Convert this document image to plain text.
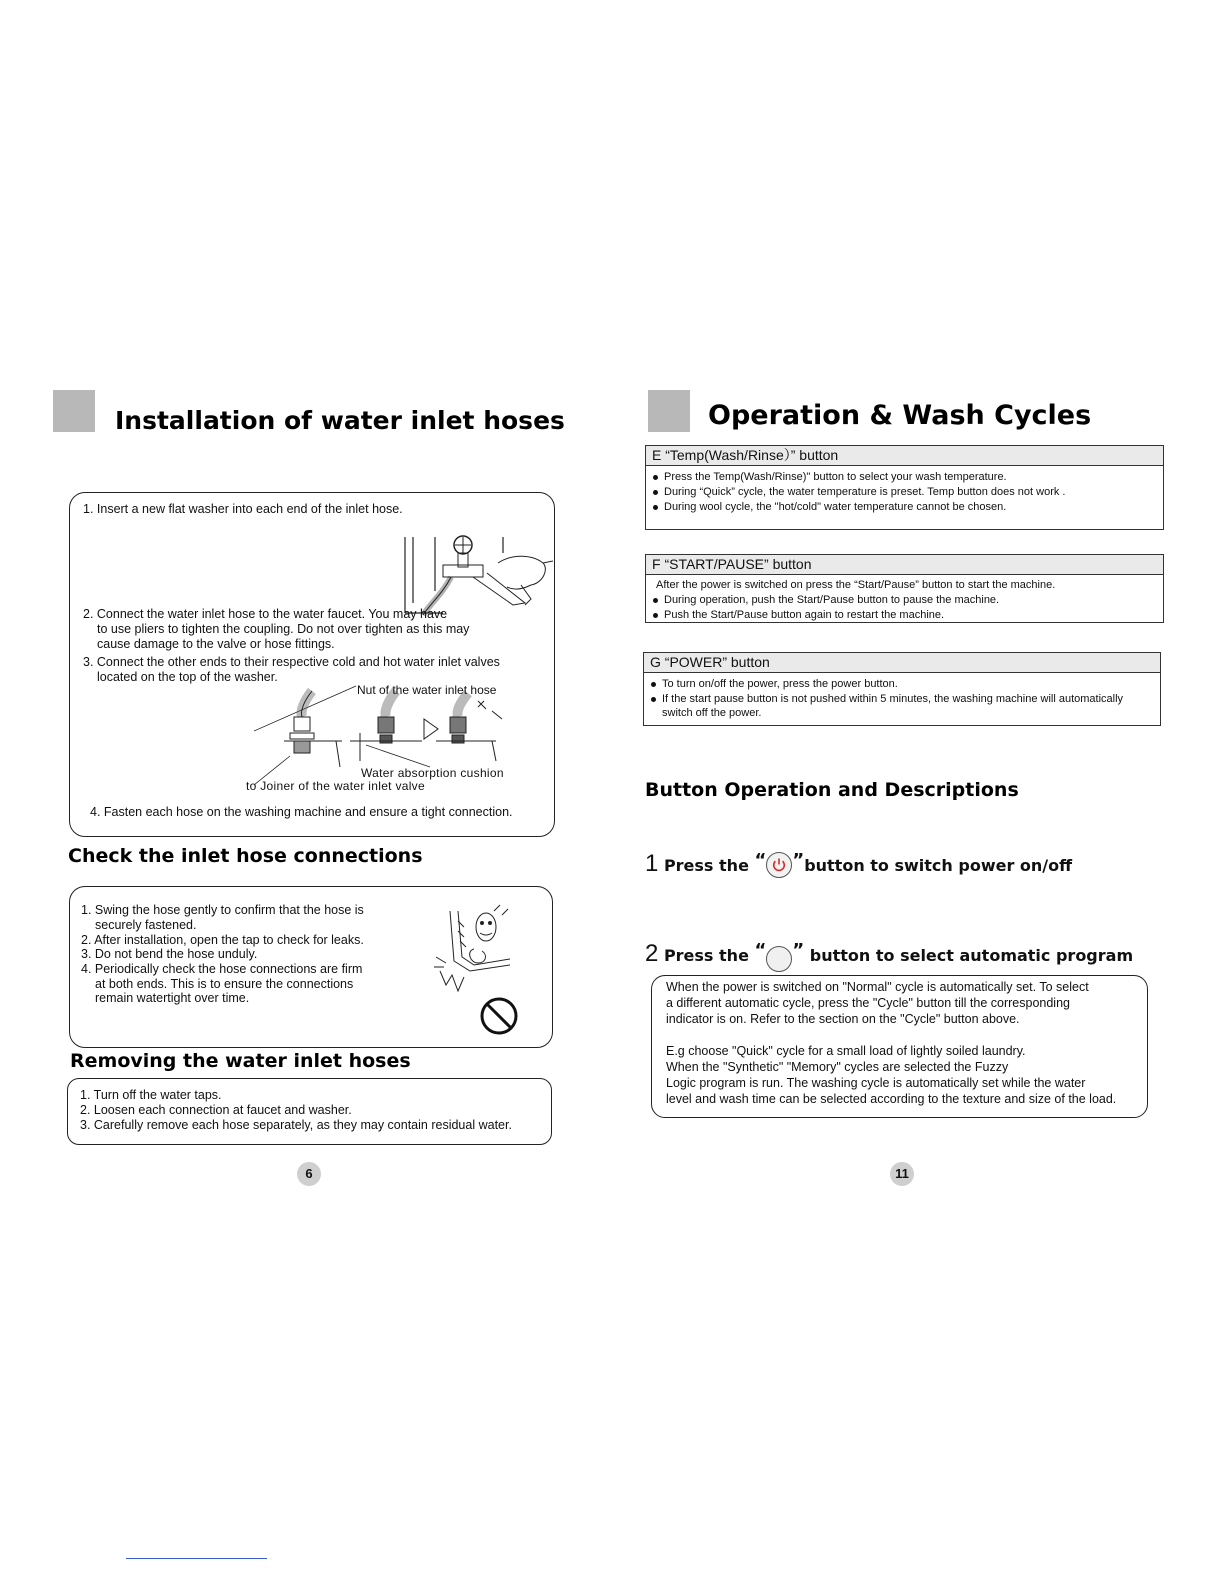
Installation of water inlet hoses
1. Insert a new flat washer into each end of the inlet hose.
2. Connect the water inlet hose to the water faucet. You may have
to use pliers to tighten the coupling. Do not over tighten as this may
cause damage to the valve or hose fittings.
3. Connect the other ends to their respective cold and hot water inlet valves
located on the top of the washer.
Nut of the water inlet hose
Water absorption cushion
to Joiner of the water inlet valve
4. Fasten each hose on the washing machine and ensure a tight connection.
Check the inlet hose connections
1. Swing the hose gently to confirm that the hose is
securely fastened.
2. After installation, open the tap to check for leaks.
3. Do not bend the hose unduly.
4. Periodically check the hose connections are firm
at both ends. This is to ensure the connections
remain watertight over time.
Removing the water inlet hoses
1. Turn off the water taps.
2. Loosen each connection at faucet and washer.
3. Carefully remove each hose separately, as they may contain residual water.
6
Operation & Wash Cycles
E “Temp(Wash/Rinse）” button
Press the Temp(Wash/Rinse)" button to select your wash temperature.
During “Quick” cycle, the water temperature is preset. Temp button does not work .
During wool cycle, the "hot/cold" water temperature cannot be chosen.
F “START/PAUSE” button
After the power is switched on press the “Start/Pause” button to start the machine.
During operation, push the Start/Pause button to pause the machine.
Push the Start/Pause button again to restart the machine.
G “POWER” button
To turn on/off the power, press the power button.
If the start pause button is not pushed within 5 minutes, the washing machine will automatically
switch off the power.
Button Operation and Descriptions
1 Press the “ ”button to switch power on/off
2 Press the “ ” button to select automatic program
When the power is switched on "Normal" cycle is automatically set. To select
a different automatic cycle, press the "Cycle" button till the corresponding
indicator is on. Refer to the section on the "Cycle" button above.
E.g choose "Quick" cycle for a small load of lightly soiled laundry.
When the "Synthetic" "Memory" cycles are selected the Fuzzy
Logic program is run. The washing cycle is automatically set while the water
level and wash time can be selected according to the texture and size of the load.
11
